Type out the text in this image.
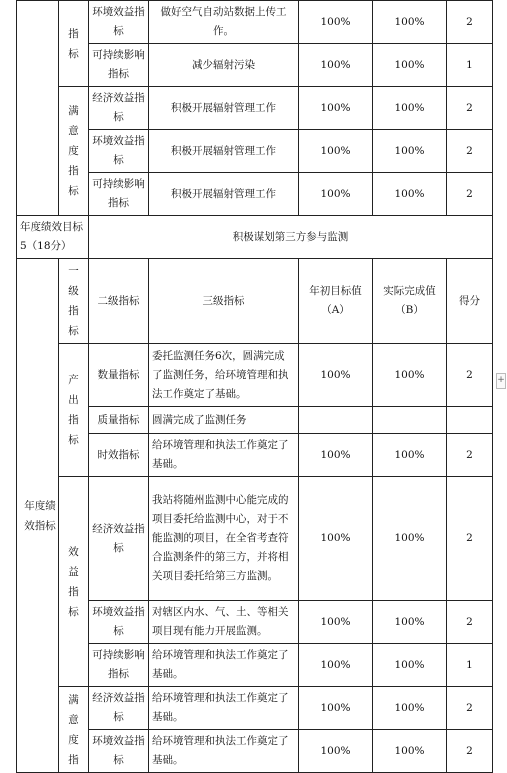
	指标	环境效益指标	做好空气自动站数据上传工作。	100%	100%	2
		可持续影响指标	减少辐射污染	100%	100%	1
	满意度指标	经济效益指标	积极开展辐射管理工作	100%	100%	2
		环境效益指标	积极开展辐射管理工作	100%	100%	2
		可持续影响指标	积极开展辐射管理工作	100%	100%	2
年度绩效目标5（18分）		积极谋划第三方参与监测				
年度绩效指标	一级指标	二级指标	三级指标	年初目标值（A）	实际完成值（B）	得分
	产出指标	数量指标	委托监测任务6次，圆满完成了监测任务，给环境管理和执法工作奠定了基础。	100%	100%	2
		质量指标	圆满完成了监测任务			
		时效指标	给环境管理和执法工作奠定了基础。	100%	100%	2
	效益指标	经济效益指标	我站将随州监测中心能完成的项目委托给监测中心，对于不能监测的项目，在全省考查符合监测条件的第三方，并将相关项目委托给第三方监测。	100%	100%	2
		环境效益指标	对辖区内水、气、土、等相关项目现有能力开展监测。	100%	100%	2
		可持续影响指标	给环境管理和执法工作奠定了基础。	100%	100%	1
	满意度指	经济效益指标	给环境管理和执法工作奠定了基础。	100%	100%	2
		环境效益指标	给环境管理和执法工作奠定了基础。	100%	100%	2
+
